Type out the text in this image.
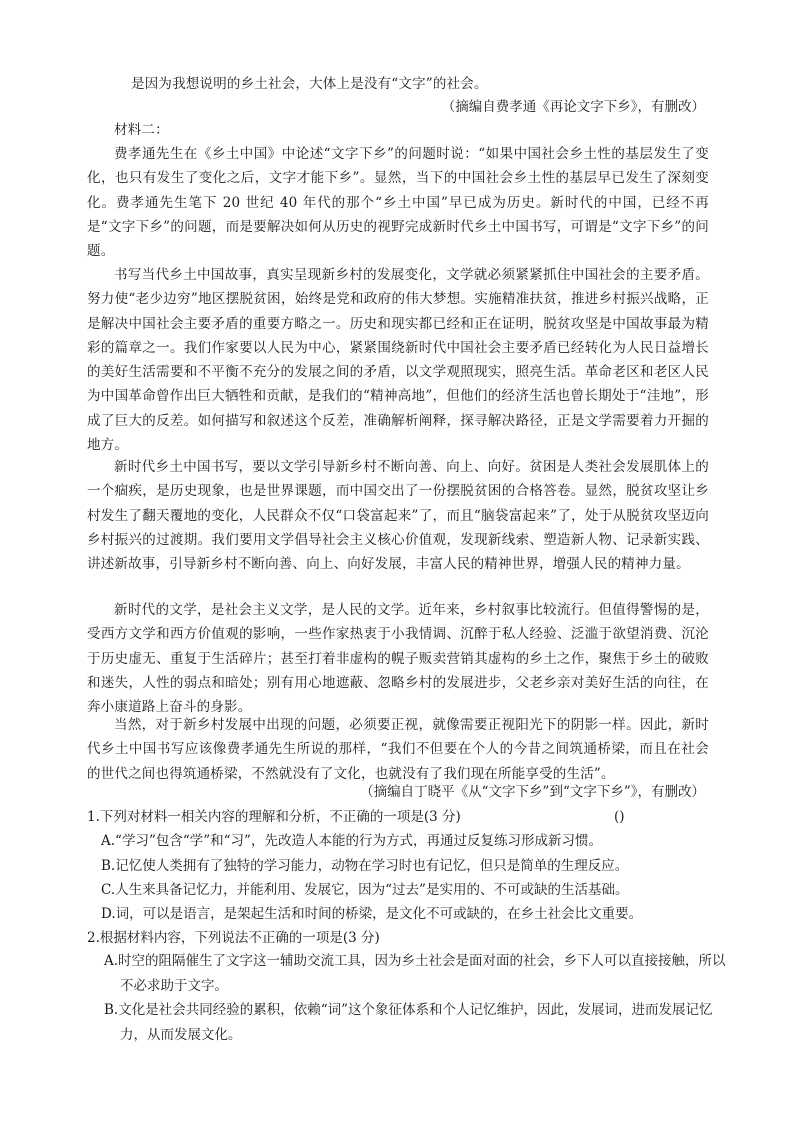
是因为我想说明的乡土社会，大体上是没有“文字”的社会。
（摘编自费孝通《再论文字下乡》，有删改）
材料二：

费孝通先生在《乡土中国》中论述“文字下乡”的问题时说：“如果中国社会乡土性的基层发生了变化，也只有发生了变化之后，文字才能下乡”。显然，当下的中国社会乡土性的基层早已发生了深刻变化。费孝通先生笔下 20 世纪 40 年代的那个“乡土中国”早已成为历史。新时代的中国，已经不再是“文字下乡”的问题，而是要解决如何从历史的视野完成新时代乡土中国书写，可谓是“文字下乡”的问题。

书写当代乡土中国故事，真实呈现新乡村的发展变化，文学就必须紧紧抓住中国社会的主要矛盾。努力使“老少边穷”地区摆脱贫困，始终是党和政府的伟大梦想。实施精准扶贫，推进乡村振兴战略，正是解决中国社会主要矛盾的重要方略之一。历史和现实都已经和正在证明，脱贫攻坚是中国故事最为精彩的篇章之一。我们作家要以人民为中心，紧紧围绕新时代中国社会主要矛盾已经转化为人民日益增长的美好生活需要和不平衡不充分的发展之间的矛盾，以文学观照现实，照亮生活。革命老区和老区人民为中国革命曾作出巨大牺牲和贡献，是我们的“精神高地”，但他们的经济生活也曾长期处于“洼地”，形成了巨大的反差。如何描写和叙述这个反差，准确解析阐释，探寻解决路径，正是文学需要着力开掘的地方。

新时代乡土中国书写，要以文学引导新乡村不断向善、向上、向好。贫困是人类社会发展肌体上的一个痼疾，是历史现象，也是世界课题，而中国交出了一份摆脱贫困的合格答卷。显然，脱贫攻坚让乡村发生了翻天覆地的变化，人民群众不仅“口袋富起来”了，而且“脑袋富起来”了，处于从脱贫攻坚迈向乡村振兴的过渡期。我们要用文学倡导社会主义核心价值观，发现新线索、塑造新人物、记录新实践、讲述新故事，引导新乡村不断向善、向上、向好发展，丰富人民的精神世界，增强人民的精神力量。

新时代的文学，是社会主义文学，是人民的文学。近年来，乡村叙事比较流行。但值得警惕的是，受西方文学和西方价值观的影响，一些作家热衷于小我情调、沉醉于私人经验、泛滥于欲望消费、沉沦于历史虚无、重复于生活碎片；甚至打着非虚构的幌子贩卖营销其虚构的乡土之作，聚焦于乡土的破败和迷失，人性的弱点和暗处；别有用心地遮蔽、忽略乡村的发展进步，父老乡亲对美好生活的向往，在奔小康道路上奋斗的身影。

当然，对于新乡村发展中出现的问题，必须要正视，就像需要正视阳光下的阴影一样。因此，新时代乡土中国书写应该像费孝通先生所说的那样，“我们不但要在个人的今昔之间筑通桥梁，而且在社会的世代之间也得筑通桥梁，不然就没有了文化，也就没有了我们现在所能享受的生活”。

（摘编自丁晓平《从“文字下乡”到“文字下乡”》，有删改）
1.下列对材料一相关内容的理解和分析，不正确的一项是(3 分)	()
A.“学习”包含“学”和“习”，先改造人本能的行为方式，再通过反复练习形成新习惯。
B.记忆使人类拥有了独特的学习能力，动物在学习时也有记忆，但只是简单的生理反应。
C.人生来具备记忆力，并能利用、发展它，因为“过去”是实用的、不可或缺的生活基础。
D.词，可以是语言，是架起生活和时间的桥梁，是文化不可或缺的，在乡土社会比文重要。
2.根据材料内容，下列说法不正确的一项是(3 分)
A.时空的阻隔催生了文字这一辅助交流工具，因为乡土社会是面对面的社会，乡下人可以直接接触，所以不必求助于文字。
B.文化是社会共同经验的累积，依赖“词”这个象征体系和个人记忆维护，因此，发展词，进而发展记忆力，从而发展文化。
